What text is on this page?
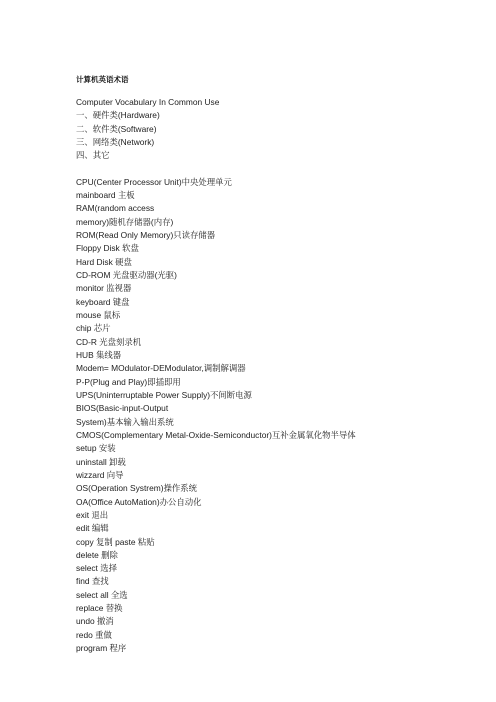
计算机英语术语
Computer Vocabulary In Common Use
一、硬件类(Hardware)
二、软件类(Software)
三、网络类(Network)
四、其它
CPU(Center Processor Unit)中央处理单元
mainboard 主板
RAM(random access
memory)随机存储器(内存)
ROM(Read Only Memory)只读存储器
Floppy Disk 软盘
Hard Disk 硬盘
CD-ROM 光盘驱动器(光驱)
monitor 监视器
keyboard 键盘
mouse 鼠标
chip 芯片
CD-R 光盘刻录机
HUB 集线器
Modem= MOdulator-DEModulator,调制解调器
P-P(Plug and Play)即插即用
UPS(Uninterruptable Power Supply)不间断电源
BIOS(Basic-input-Output
System)基本输入输出系统
CMOS(Complementary Metal-Oxide-Semiconductor)互补金属氧化物半导体
setup 安装
uninstall 卸载
wizzard 向导
OS(Operation Systrem)操作系统
OA(Office AutoMation)办公自动化
exit 退出
edit 编辑
copy 复制 paste 粘贴
delete 删除
select 选择
find 查找
select all 全选
replace 替换
undo 撤消
redo 重做
program 程序
